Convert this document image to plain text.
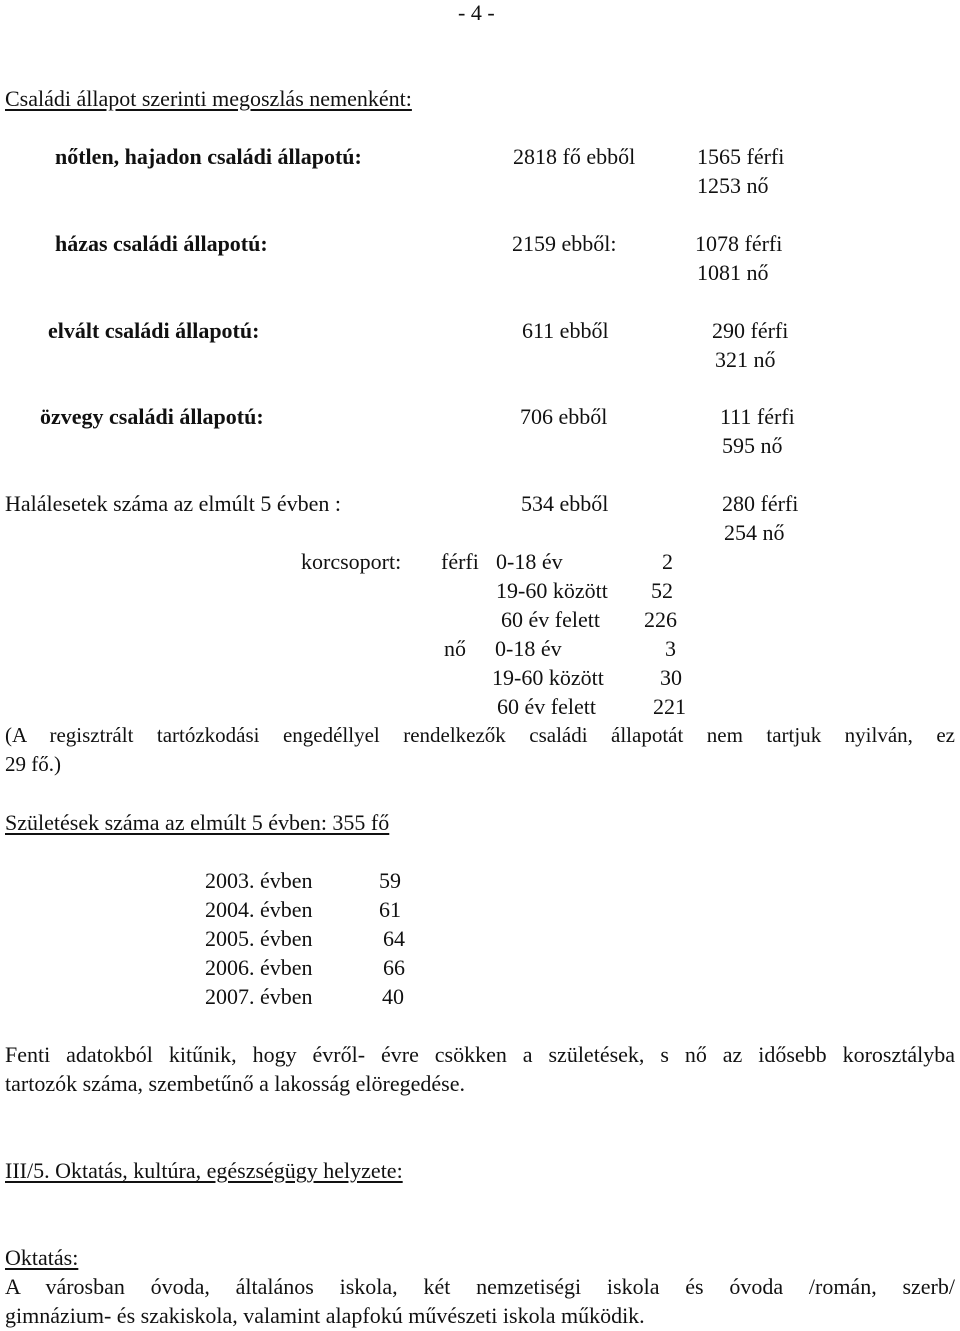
- 4 -
Családi állapot szerinti megoszlás nemenként:
nőtlen, hajadon családi állapotú:	2818 fő ebből	1565 férfi
1253 nő
házas családi állapotú:	2159 ebből:	1078 férfi
1081 nő
elvált családi állapotú:	611 ebből	290 férfi
321 nő
özvegy családi állapotú:	706 ebből	111 férfi
595 nő
Halálesetek száma az elmúlt 5 évben :	534 ebből	280 férfi
254 nő
korcsoport: férfi 0-18 év	2
19-60 között	52
60 év felett	226
nő 0-18 év	3
19-60 között	30
60 év felett	221
(A regisztrált tartózkodási engedéllyel rendelkezők családi állapotát nem tartjuk nyilván, ez
29 fő.)
Születések száma az elmúlt 5 évben: 355 fő
2003. évben	59
2004. évben	61
2005. évben	64
2006. évben	66
2007. évben	40
Fenti adatokból kitűnik, hogy évről- évre csökken a születések, s nő az idősebb korosztályba
tartozók száma, szembetűnő a lakosság elöregedése.
III/5. Oktatás, kultúra, egészségügy helyzete:
Oktatás:
A városban óvoda, általános iskola, két nemzetiségi iskola és óvoda /román, szerb/
gimnázium- és szakiskola, valamint alapfokú művészeti iskola működik.
